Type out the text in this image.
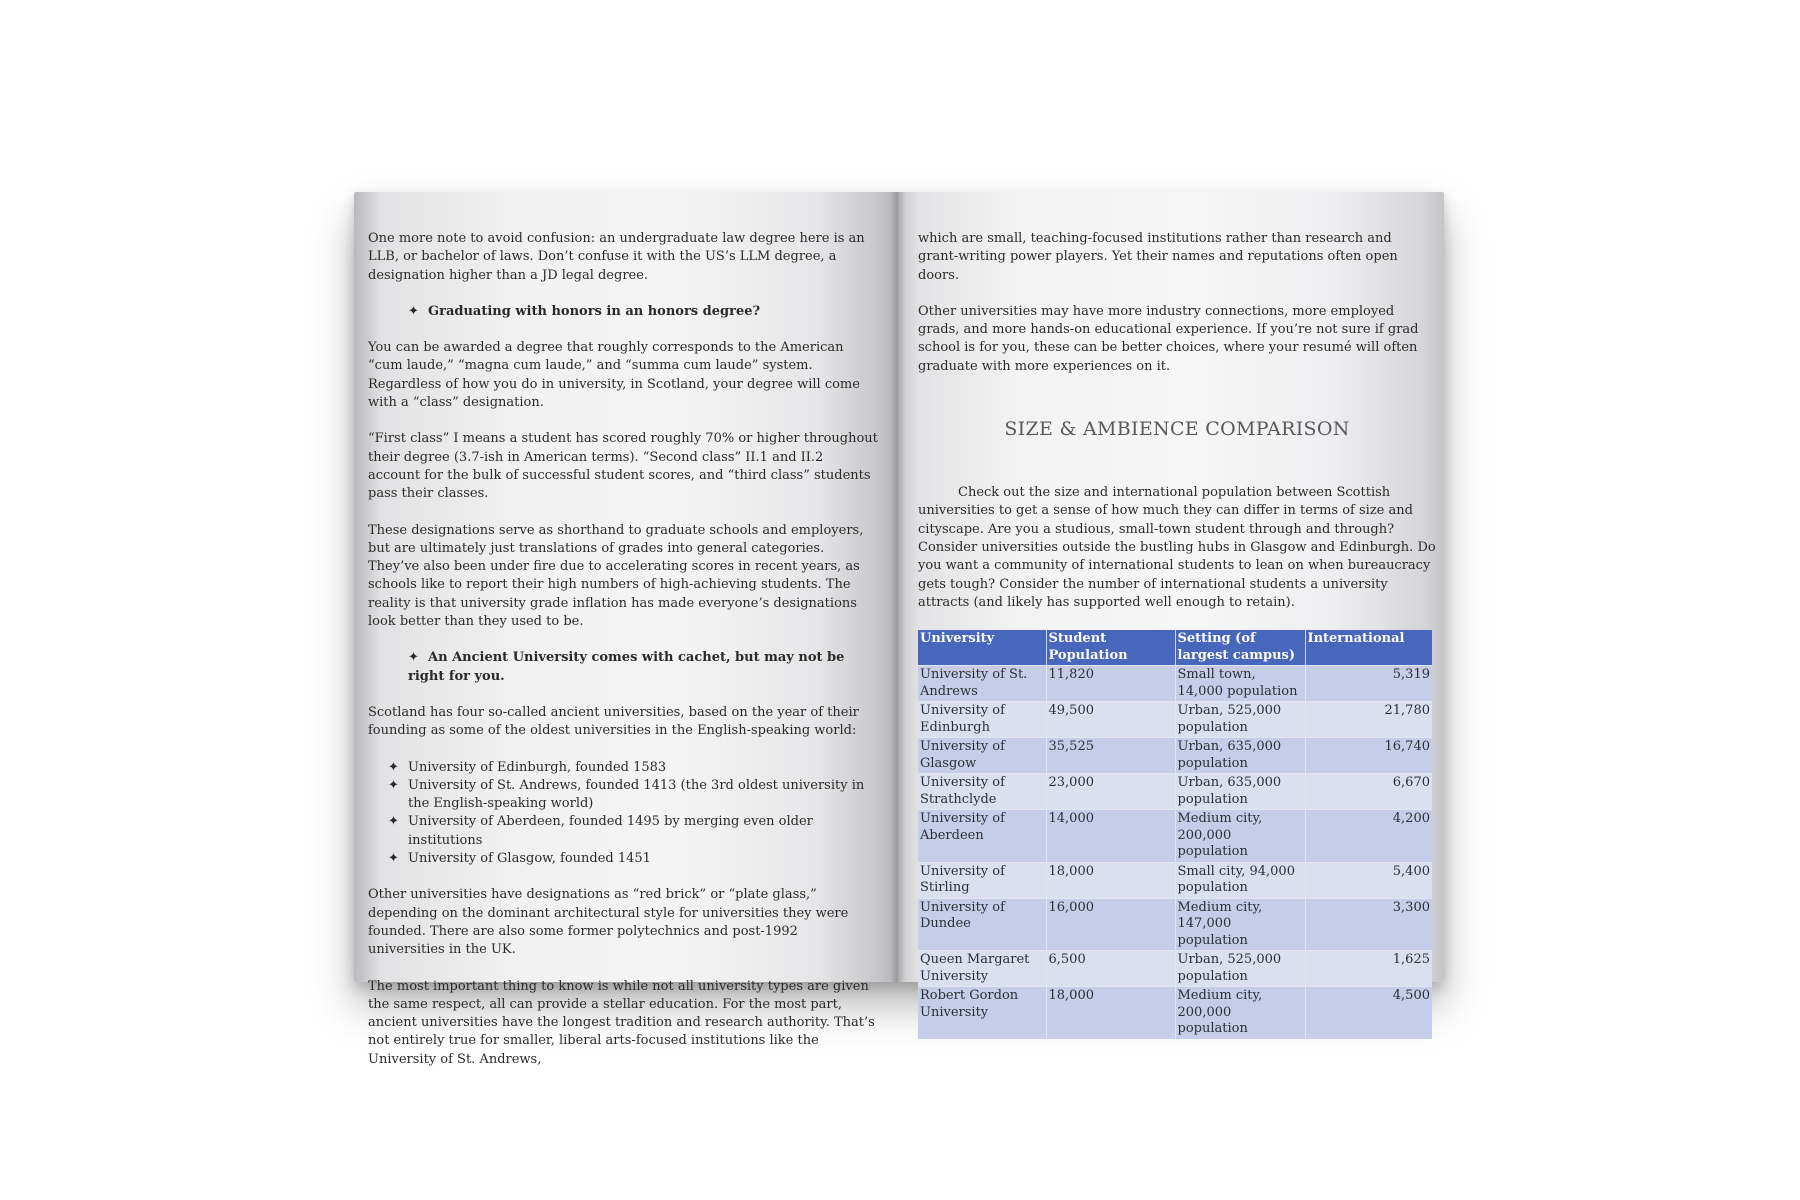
One more note to avoid confusion: an undergraduate law degree here is an LLB, or bachelor of laws. Don’t confuse it with the US’s LLM degree, a designation higher than a JD legal degree.

✦ Graduating with honors in an honors degree?

You can be awarded a degree that roughly corresponds to the American “cum laude,” “magna cum laude,” and “summa cum laude” system. Regardless of how you do in university, in Scotland, your degree will come with a “class” designation.

“First class” I means a student has scored roughly 70% or higher throughout their degree (3.7-ish in American terms). “Second class” II.1 and II.2 account for the bulk of successful student scores, and “third class” students pass their classes.

These designations serve as shorthand to graduate schools and employers, but are ultimately just translations of grades into general categories. They’ve also been under fire due to accelerating scores in recent years, as schools like to report their high numbers of high-achieving students. The reality is that university grade inflation has made everyone’s designations look better than they used to be.

✦ An Ancient University comes with cachet, but may not be right for you.

Scotland has four so-called ancient universities, based on the year of their founding as some of the oldest universities in the English-speaking world:

✦ University of Edinburgh, founded 1583
✦ University of St. Andrews, founded 1413 (the 3rd oldest university in the English-speaking world)
✦ University of Aberdeen, founded 1495 by merging even older institutions
✦ University of Glasgow, founded 1451

Other universities have designations as “red brick” or “plate glass,” depending on the dominant architectural style for universities they were founded. There are also some former polytechnics and post-1992 universities in the UK.

The most important thing to know is while not all university types are given the same respect, all can provide a stellar education. For the most part, ancient universities have the longest tradition and research authority. That’s not entirely true for smaller, liberal arts-focused institutions like the University of St. Andrews,

which are small, teaching-focused institutions rather than research and grant-writing power players. Yet their names and reputations often open doors.

Other universities may have more industry connections, more employed grads, and more hands-on educational experience. If you’re not sure if grad school is for you, these can be better choices, where your resumé will often graduate with more experiences on it.

SIZE & AMBIENCE COMPARISON

Check out the size and international population between Scottish universities to get a sense of how much they can differ in terms of size and cityscape. Are you a studious, small-town student through and through? Consider universities outside the bustling hubs in Glasgow and Edinburgh. Do you want a community of international students to lean on when bureaucracy gets tough? Consider the number of international students a university attracts (and likely has supported well enough to retain).

University	Student Population	Setting (of largest campus)	International
University of St. Andrews	11,820	Small town, 14,000 population	5,319
University of Edinburgh	49,500	Urban, 525,000 population	21,780
University of Glasgow	35,525	Urban, 635,000 population	16,740
University of Strathclyde	23,000	Urban, 635,000 population	6,670
University of Aberdeen	14,000	Medium city, 200,000 population	4,200
University of Stirling	18,000	Small city, 94,000 population	5,400
University of Dundee	16,000	Medium city, 147,000 population	3,300
Queen Margaret University	6,500	Urban, 525,000 population	1,625
Robert Gordon University	18,000	Medium city, 200,000 population	4,500
